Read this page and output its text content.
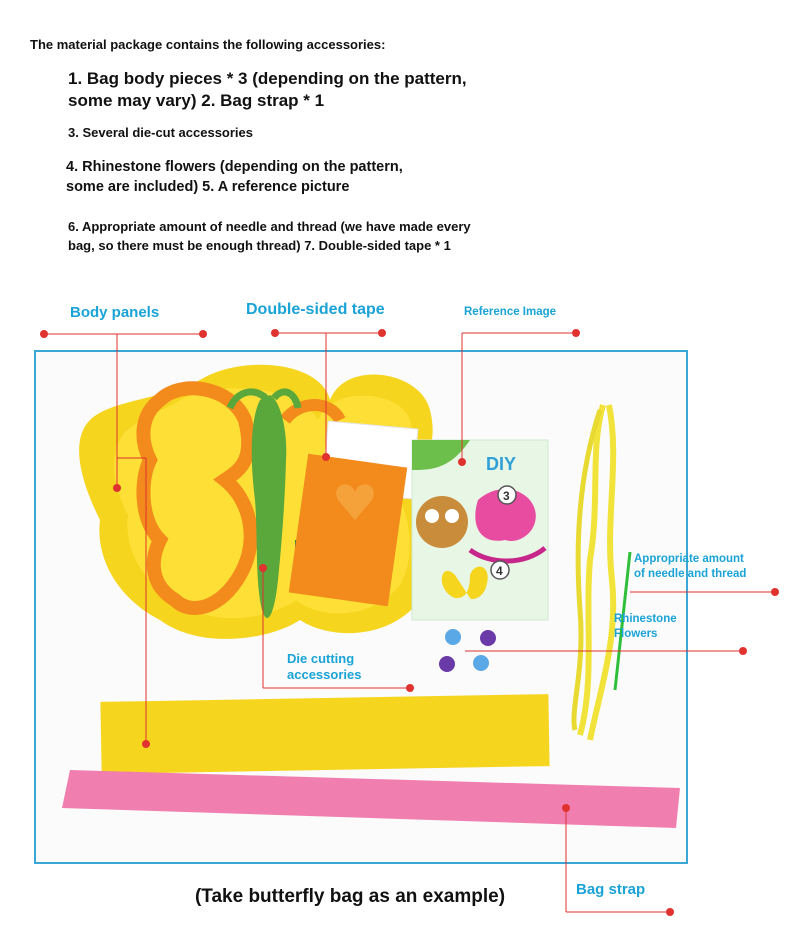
The material package contains the following accessories:
1. Bag body pieces * 3 (depending on the pattern,
some may vary) 2. Bag strap * 1
3. Several die-cut accessories
4. Rhinestone flowers (depending on the pattern,
some are included) 5. A reference picture
6. Appropriate amount of needle and thread (we have made every
bag, so there must be enough thread) 7. Double-sided tape * 1
DIY
3
4
Body panels	Double-sided tape	Reference Image
Appropriate amount
of needle and thread
Rhinestone
Flowers
Die cutting
accessories
Bag strap
(Take butterfly bag as an example)
